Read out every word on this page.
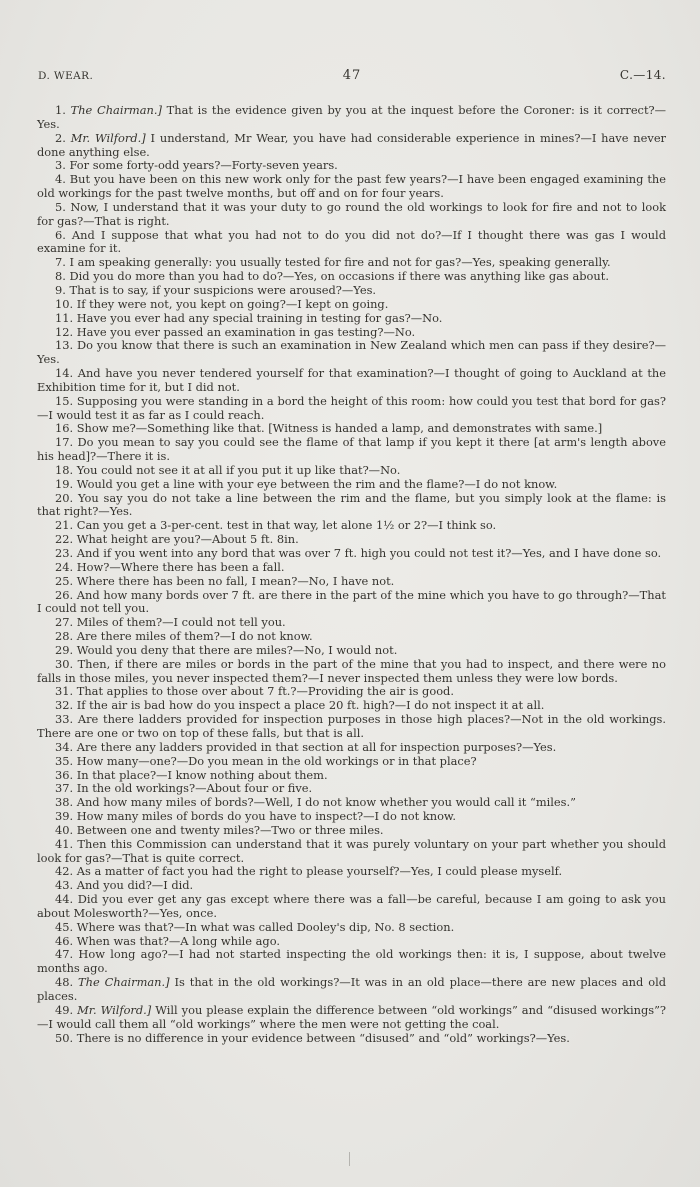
D. WEAR.	47	C.—14.

1. The Chairman.] That is the evidence given by you at the inquest before the Coroner: is it correct?—Yes.

2. Mr. Wilford.] I understand, Mr Wear, you have had considerable experience in mines?—I have never done anything else.

3. For some forty-odd years?—Forty-seven years.

4. But you have been on this new work only for the past few years?—I have been engaged examining the old workings for the past twelve months, but off and on for four years.

5. Now, I understand that it was your duty to go round the old workings to look for fire and not to look for gas?—That is right.

6. And I suppose that what you had not to do you did not do?—If I thought there was gas I would examine for it.

7. I am speaking generally: you usually tested for fire and not for gas?—Yes, speaking generally.

8. Did you do more than you had to do?—Yes, on occasions if there was anything like gas about.

9. That is to say, if your suspicions were aroused?—Yes.

10. If they were not, you kept on going?—I kept on going.

11. Have you ever had any special training in testing for gas?—No.

12. Have you ever passed an examination in gas testing?—No.

13. Do you know that there is such an examination in New Zealand which men can pass if they desire?—Yes.

14. And have you never tendered yourself for that examination?—I thought of going to Auckland at the Exhibition time for it, but I did not.

15. Supposing you were standing in a bord the height of this room: how could you test that bord for gas?—I would test it as far as I could reach.

16. Show me?—Something like that. [Witness is handed a lamp, and demonstrates with same.]

17. Do you mean to say you could see the flame of that lamp if you kept it there [at arm's length above his head]?—There it is.

18. You could not see it at all if you put it up like that?—No.

19. Would you get a line with your eye between the rim and the flame?—I do not know.

20. You say you do not take a line between the rim and the flame, but you simply look at the flame: is that right?—Yes.

21. Can you get a 3-per-cent. test in that way, let alone 1½ or 2?—I think so.

22. What height are you?—About 5 ft. 8in.

23. And if you went into any bord that was over 7 ft. high you could not test it?—Yes, and I have done so.

24. How?—Where there has been a fall.

25. Where there has been no fall, I mean?—No, I have not.

26. And how many bords over 7 ft. are there in the part of the mine which you have to go through?—That I could not tell you.

27. Miles of them?—I could not tell you.

28. Are there miles of them?—I do not know.

29. Would you deny that there are miles?—No, I would not.

30. Then, if there are miles or bords in the part of the mine that you had to inspect, and there were no falls in those miles, you never inspected them?—I never inspected them unless they were low bords.

31. That applies to those over about 7 ft.?—Providing the air is good.

32. If the air is bad how do you inspect a place 20 ft. high?—I do not inspect it at all.

33. Are there ladders provided for inspection purposes in those high places?—Not in the old workings. There are one or two on top of these falls, but that is all.

34. Are there any ladders provided in that section at all for inspection purposes?—Yes.

35. How many—one?—Do you mean in the old workings or in that place?

36. In that place?—I know nothing about them.

37. In the old workings?—About four or five.

38. And how many miles of bords?—Well, I do not know whether you would call it “miles.”

39. How many miles of bords do you have to inspect?—I do not know.

40. Between one and twenty miles?—Two or three miles.

41. Then this Commission can understand that it was purely voluntary on your part whether you should look for gas?—That is quite correct.

42. As a matter of fact you had the right to please yourself?—Yes, I could please myself.

43. And you did?—I did.

44. Did you ever get any gas except where there was a fall—be careful, because I am going to ask you about Molesworth?—Yes, once.

45. Where was that?—In what was called Dooley's dip, No. 8 section.

46. When was that?—A long while ago.

47. How long ago?—I had not started inspecting the old workings then: it is, I suppose, about twelve months ago.

48. The Chairman.] Is that in the old workings?—It was in an old place—there are new places and old places.

49. Mr. Wilford.] Will you please explain the difference between “old workings” and “disused workings”?—I would call them all “old workings” where the men were not getting the coal.

50. There is no difference in your evidence between “disused” and “old” workings?—Yes.
